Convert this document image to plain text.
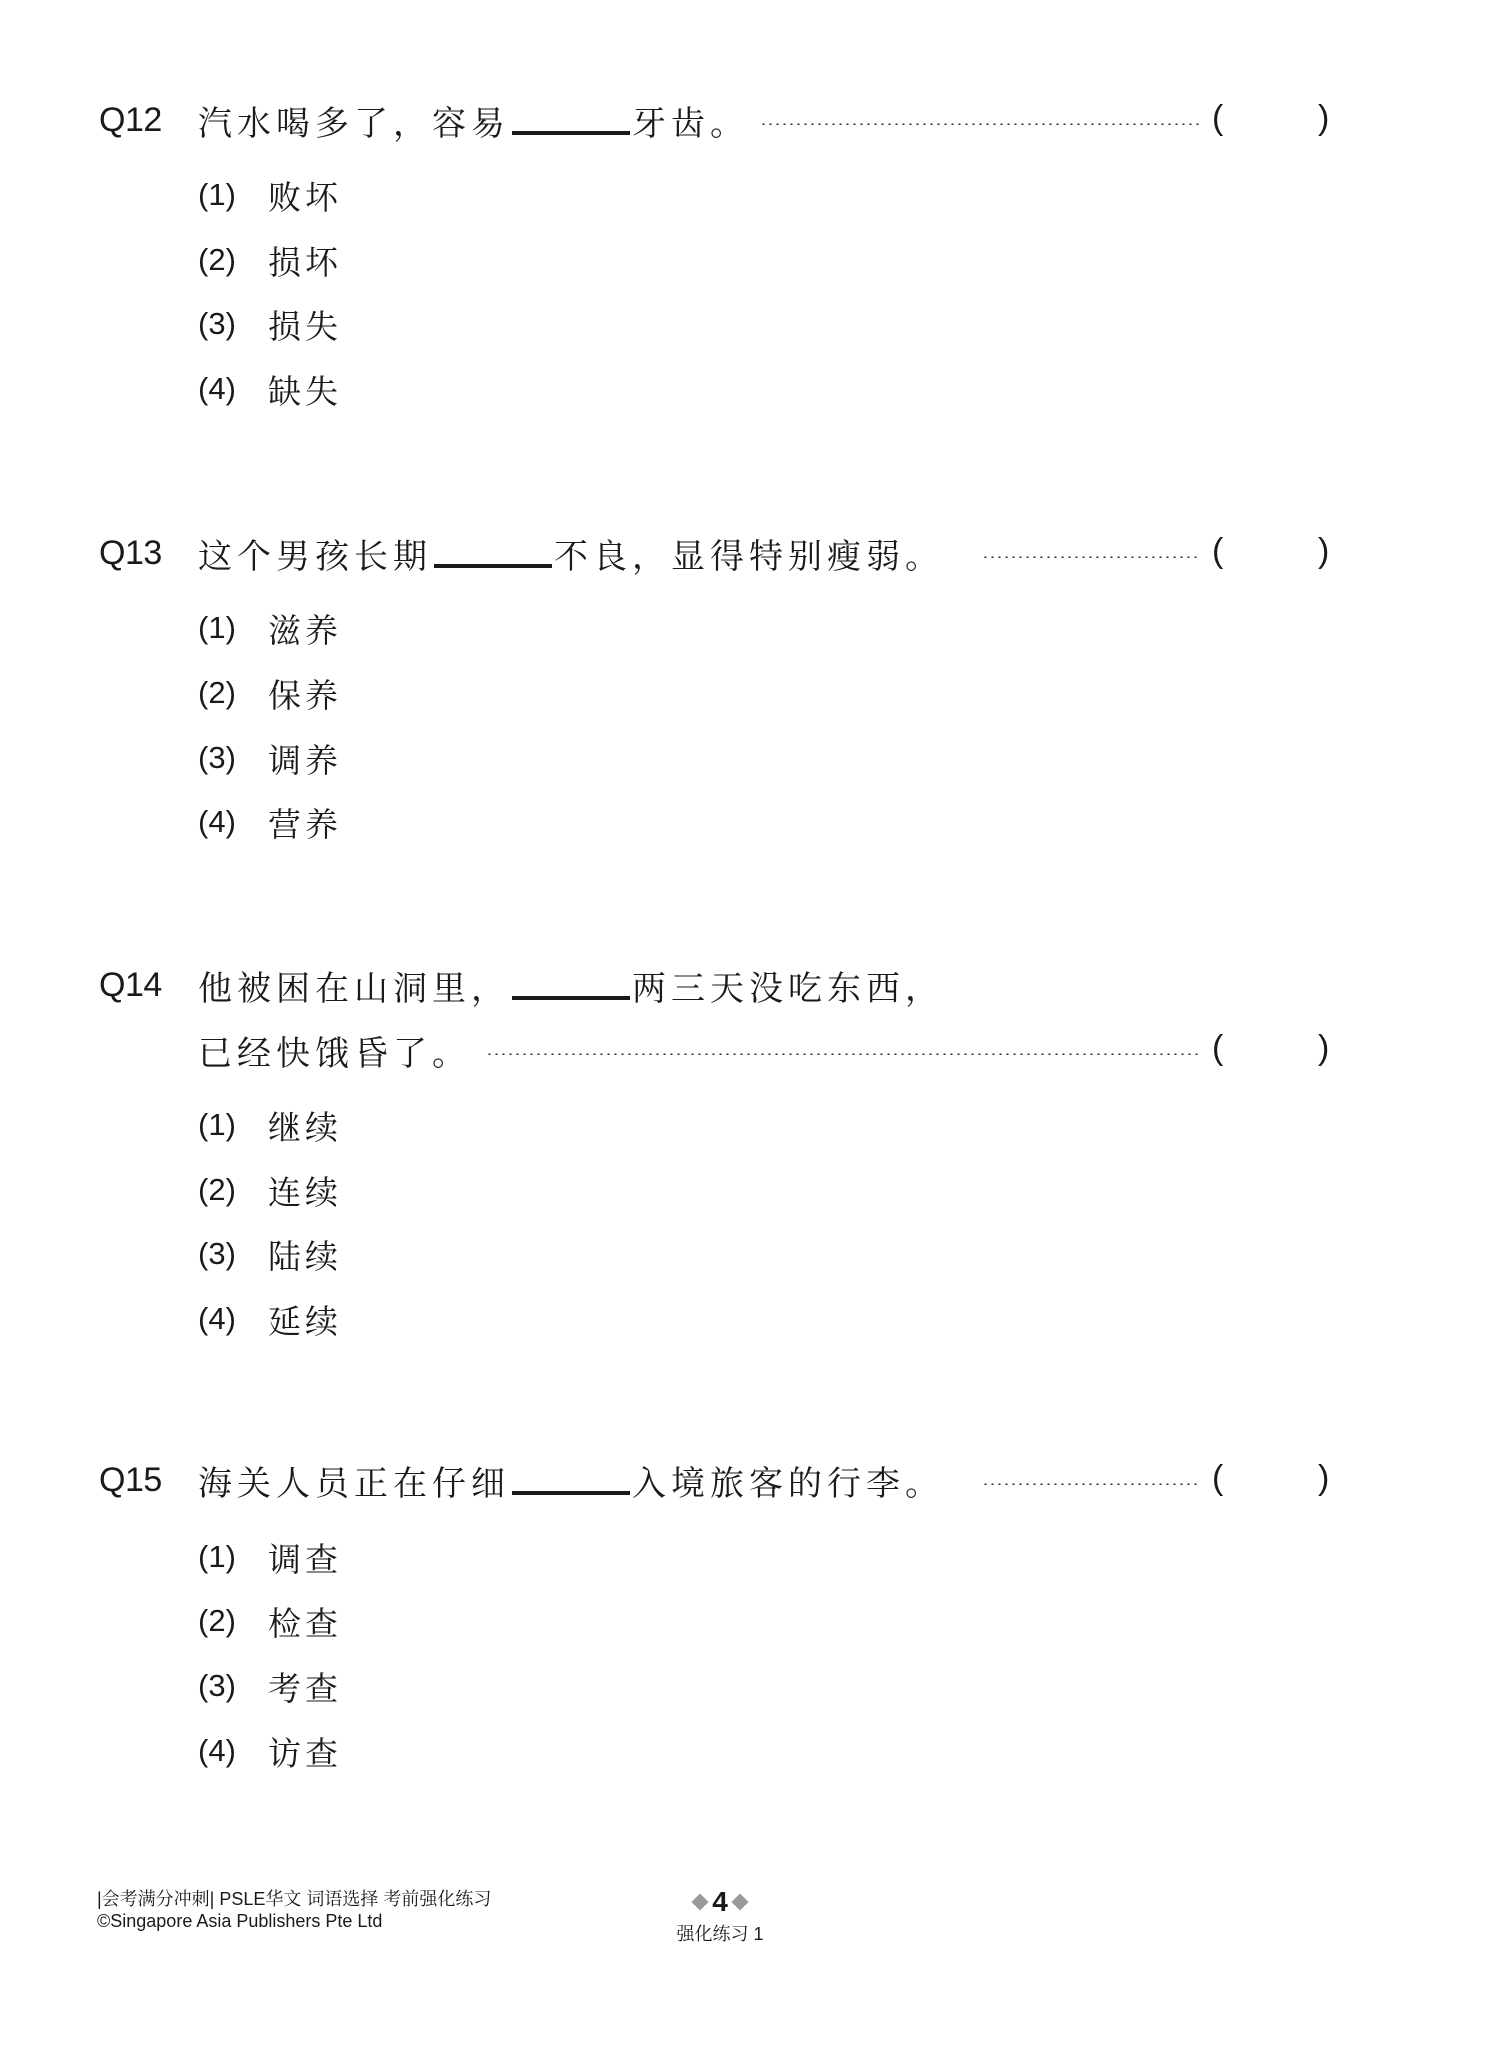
Q12 汽水喝多了，容易	牙齿。	(	)
(1) 败坏
(2) 损坏
(3) 损失
(4) 缺失
Q13 这个男孩长期	不良，显得特别瘦弱。	(	)
(1) 滋养
(2) 保养
(3) 调养
(4) 营养
Q14 他被困在山洞里，	两三天没吃东西，
已经快饿昏了。	(	)
(1) 继续
(2) 连续
(3) 陆续
(4) 延续
Q15 海关人员正在仔细	入境旅客的行李。	(	)
(1) 调查
(2) 检查
(3) 考查
(4) 访查
|会考满分冲刺| PSLE华文 词语选择 考前强化练习
©Singapore Asia Publishers Pte Ltd
4
强化练习 1
